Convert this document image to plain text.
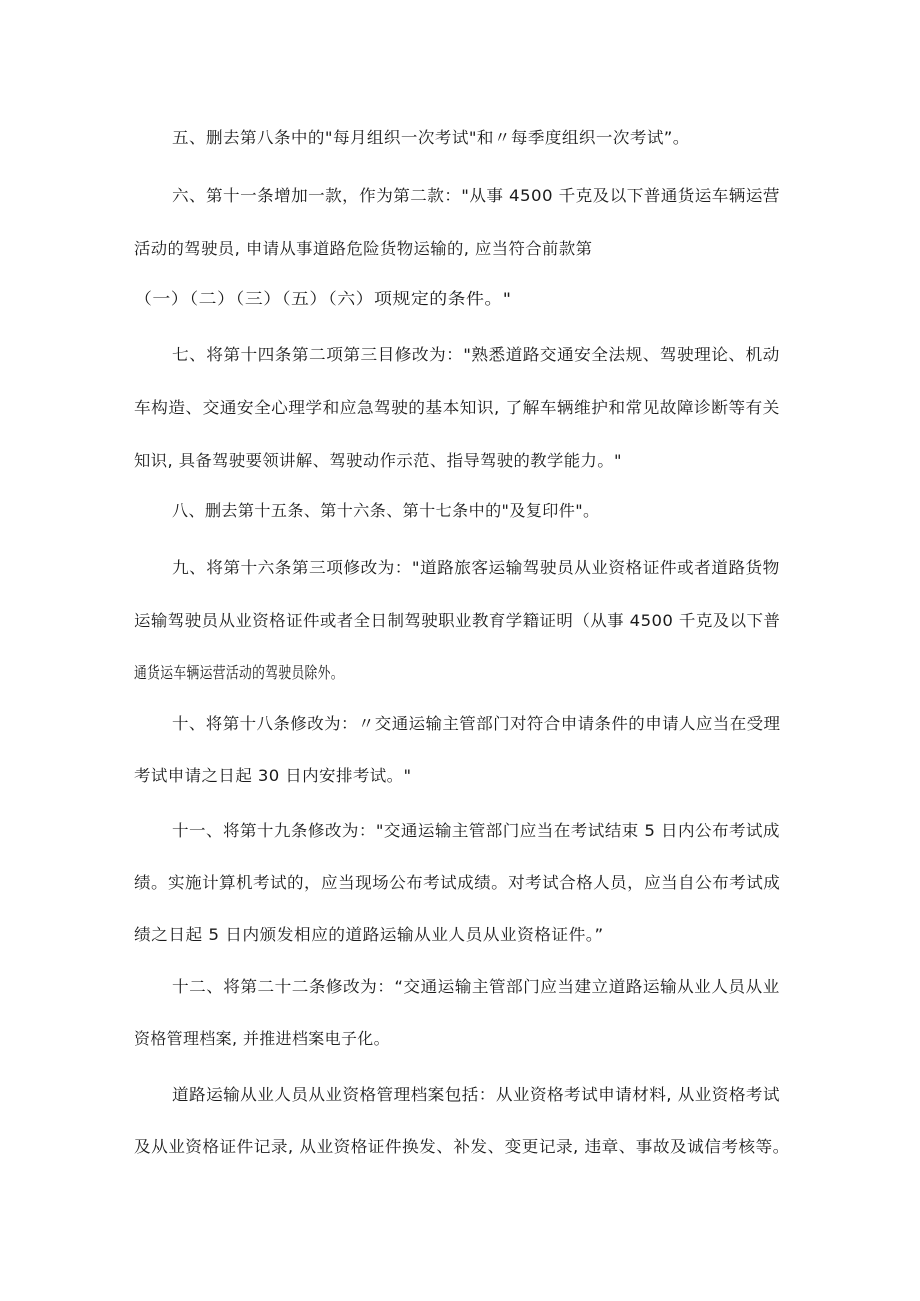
五、删去第八条中的"每月组织一次考试"和〃每季度组织一次考试”。
六、第十一条增加一款，作为第二款："从事 4500 千克及以下普通货运车辆运营
活动的驾驶员, 申请从事道路危险货物运输的, 应当符合前款第
（一）（二）（三）（五）（六）项规定的条件。"
七、将第十四条第二项第三目修改为："熟悉道路交通安全法规、驾驶理论、机动
车构造、交通安全心理学和应急驾驶的基本知识, 了解车辆维护和常见故障诊断等有关
知识, 具备驾驶要领讲解、驾驶动作示范、指导驾驶的教学能力。"
八、删去第十五条、第十六条、第十七条中的"及复印件"。
九、将第十六条第三项修改为："道路旅客运输驾驶员从业资格证件或者道路货物
运输驾驶员从业资格证件或者全日制驾驶职业教育学籍证明（从事 4500 千克及以下普
通货运车辆运营活动的驾驶员除外。
十、将第十八条修改为：〃交通运输主管部门对符合申请条件的申请人应当在受理
考试申请之日起 30 日内安排考试。"
十一、将第十九条修改为："交通运输主管部门应当在考试结束 5 日内公布考试成
绩。实施计算机考试的，应当现场公布考试成绩。对考试合格人员，应当自公布考试成
绩之日起 5 日内颁发相应的道路运输从业人员从业资格证件。”
十二、将第二十二条修改为：“交通运输主管部门应当建立道路运输从业人员从业
资格管理档案, 并推进档案电子化。
道路运输从业人员从业资格管理档案包括：从业资格考试申请材料, 从业资格考试
及从业资格证件记录, 从业资格证件换发、补发、变更记录, 违章、事故及诚信考核等。
